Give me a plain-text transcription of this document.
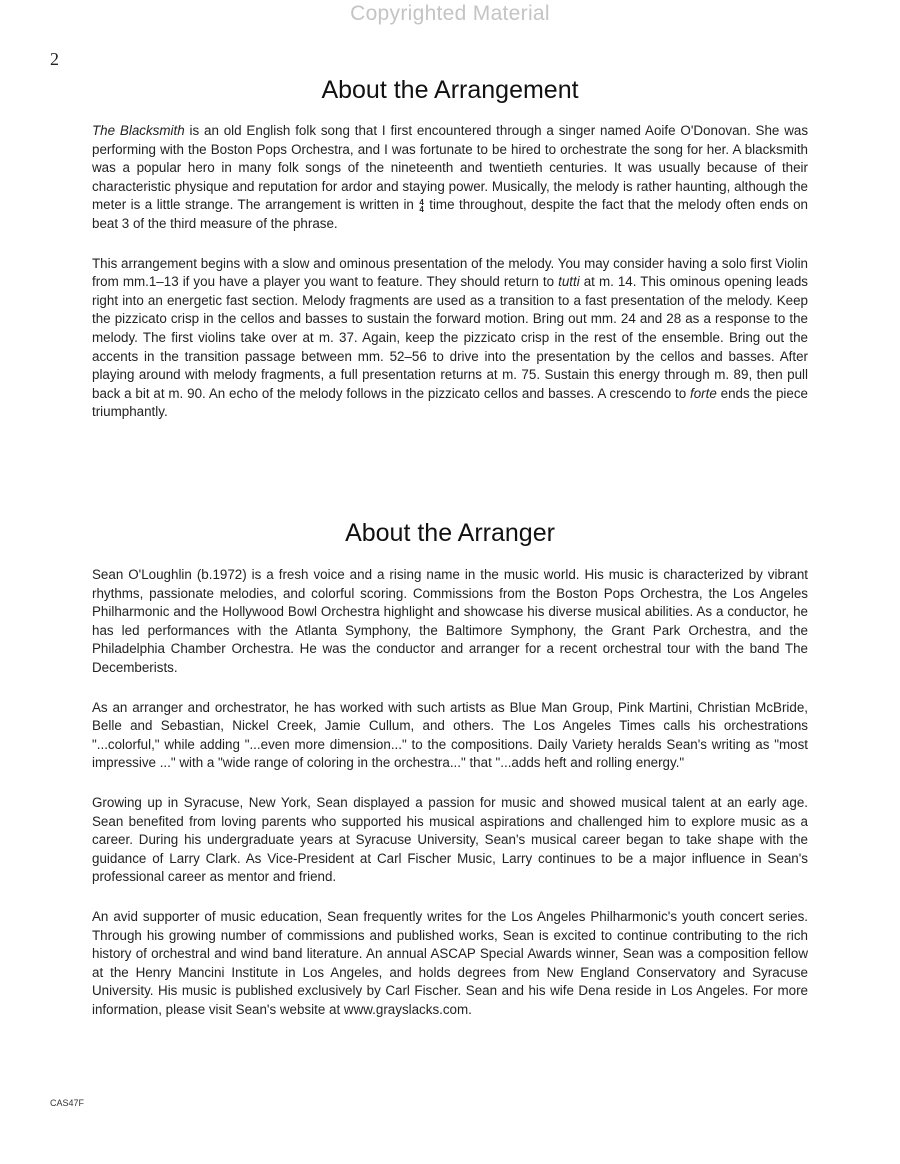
Copyrighted Material
2
About the Arrangement

The Blacksmith is an old English folk song that I first encountered through a singer named Aoife O'Donovan. She was performing with the Boston Pops Orchestra, and I was fortunate to be hired to orchestrate the song for her. A blacksmith was a popular hero in many folk songs of the nineteenth and twentieth centuries. It was usually because of their characteristic physique and reputation for ardor and staying power. Musically, the melody is rather haunting, although the meter is a little strange. The arrangement is written in 4
4 time throughout, despite the fact that the melody often ends on beat 3 of the third measure of the phrase.

This arrangement begins with a slow and ominous presentation of the melody. You may consider having a solo first Violin from mm.1–13 if you have a player you want to feature. They should return to tutti at m. 14. This ominous opening leads right into an energetic fast section. Melody fragments are used as a transition to a fast presentation of the melody. Keep the pizzicato crisp in the cellos and basses to sustain the forward motion. Bring out mm. 24 and 28 as a response to the melody. The first violins take over at m. 37. Again, keep the pizzicato crisp in the rest of the ensemble. Bring out the accents in the transition passage between mm. 52–56 to drive into the presentation by the cellos and basses. After playing around with melody fragments, a full presentation returns at m. 75. Sustain this energy through m. 89, then pull back a bit at m. 90. An echo of the melody follows in the pizzicato cellos and basses. A crescendo to forte ends the piece triumphantly.

About the Arranger

Sean O'Loughlin (b.1972) is a fresh voice and a rising name in the music world. His music is characterized by vibrant rhythms, passionate melodies, and colorful scoring. Commissions from the Boston Pops Orchestra, the Los Angeles Philharmonic and the Hollywood Bowl Orchestra highlight and showcase his diverse musical abilities. As a conductor, he has led performances with the Atlanta Symphony, the Baltimore Symphony, the Grant Park Orchestra, and the Philadelphia Chamber Orchestra. He was the conductor and arranger for a recent orchestral tour with the band The Decemberists.

As an arranger and orchestrator, he has worked with such artists as Blue Man Group, Pink Martini, Christian McBride, Belle and Sebastian, Nickel Creek, Jamie Cullum, and others. The Los Angeles Times calls his orchestrations "...colorful," while adding "...even more dimension..." to the compositions. Daily Variety heralds Sean's writing as "most impressive ..." with a "wide range of coloring in the orchestra..." that "...adds heft and rolling energy."

Growing up in Syracuse, New York, Sean displayed a passion for music and showed musical talent at an early age. Sean benefited from loving parents who supported his musical aspirations and challenged him to explore music as a career. During his undergraduate years at Syracuse University, Sean's musical career began to take shape with the guidance of Larry Clark. As Vice-President at Carl Fischer Music, Larry continues to be a major influence in Sean's professional career as mentor and friend.

An avid supporter of music education, Sean frequently writes for the Los Angeles Philharmonic's youth concert series. Through his growing number of commissions and published works, Sean is excited to continue contributing to the rich history of orchestral and wind band literature. An annual ASCAP Special Awards winner, Sean was a composition fellow at the Henry Mancini Institute in Los Angeles, and holds degrees from New England Conservatory and Syracuse University. His music is published exclusively by Carl Fischer. Sean and his wife Dena reside in Los Angeles. For more information, please visit Sean's website at www.grayslacks.com.

CAS47F
